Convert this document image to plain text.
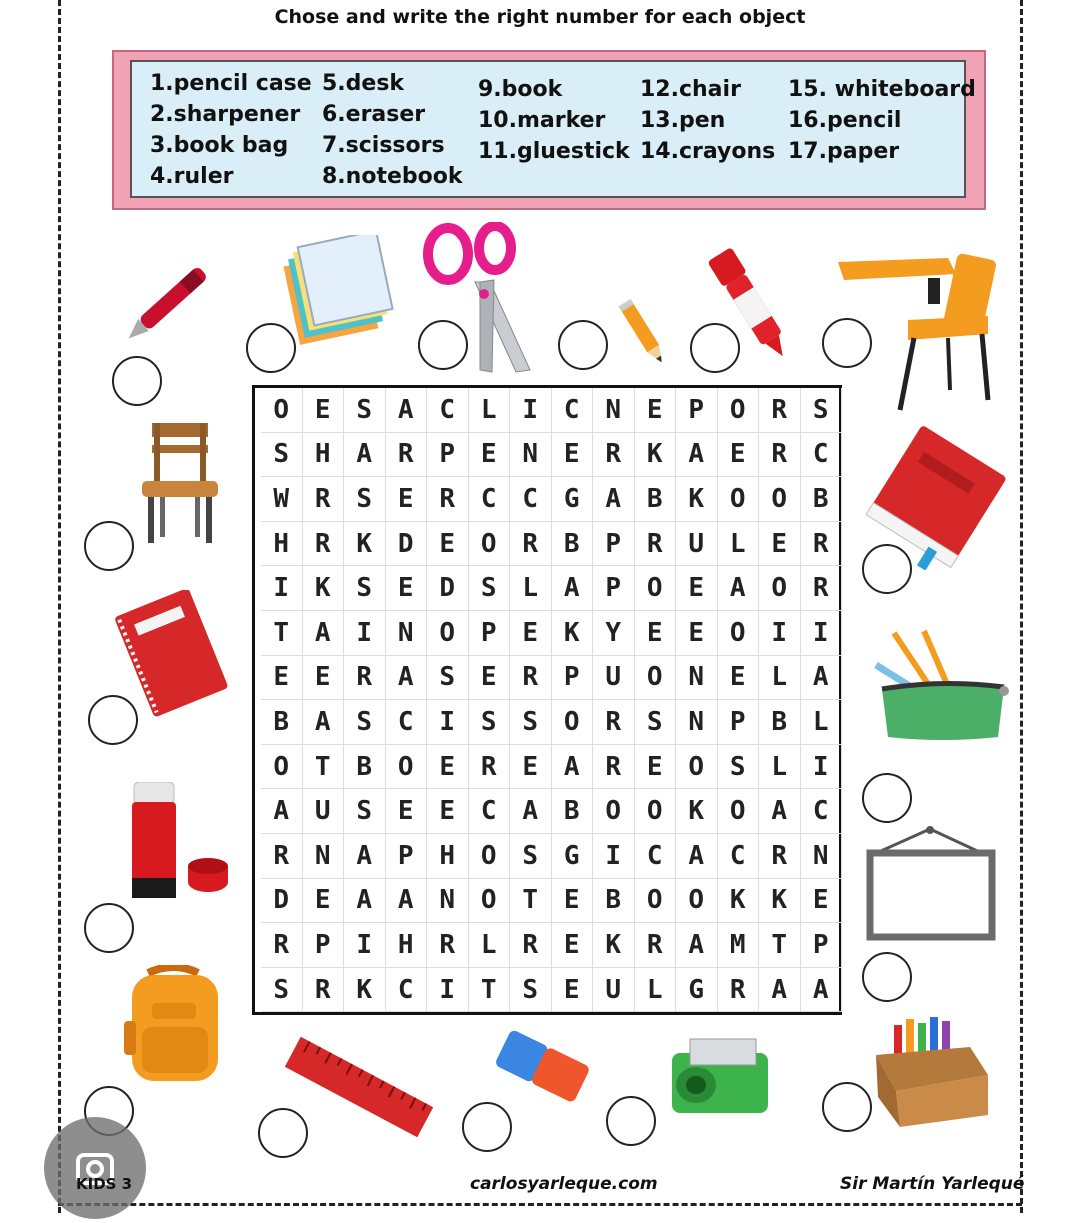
Chose and write the right number for each object
1.pencil case
2.sharpener
3.book bag
4.ruler
5.desk
6.eraser
7.scissors
8.notebook
9.book
10.marker
11.gluestick
12.chair
13.pen
14.crayons
15. whiteboard
16.pencil
17.paper
O E S A C L I C N E P O R S
S H A R P E N E R K A E R C
W R S E R C C G A B K O O B
H R K D E O R B P R U L E R
I K S E D S L A P O E A O R
T A I N O P E K Y E E O I I
E E R A S E R P U O N E L A
B A S C I S S O R S N P B L
O T B O E R E A R E O S L I
A U S E E C A B O O K O A C
R N A P H O S G I C A C R N
D E A A N O T E B O O K K E
R P I H R L R E K R A M T P
S R K C I T S E U L G R A A
KIDS 3	carlosyarleque.com	Sir Martín Yarlequé
